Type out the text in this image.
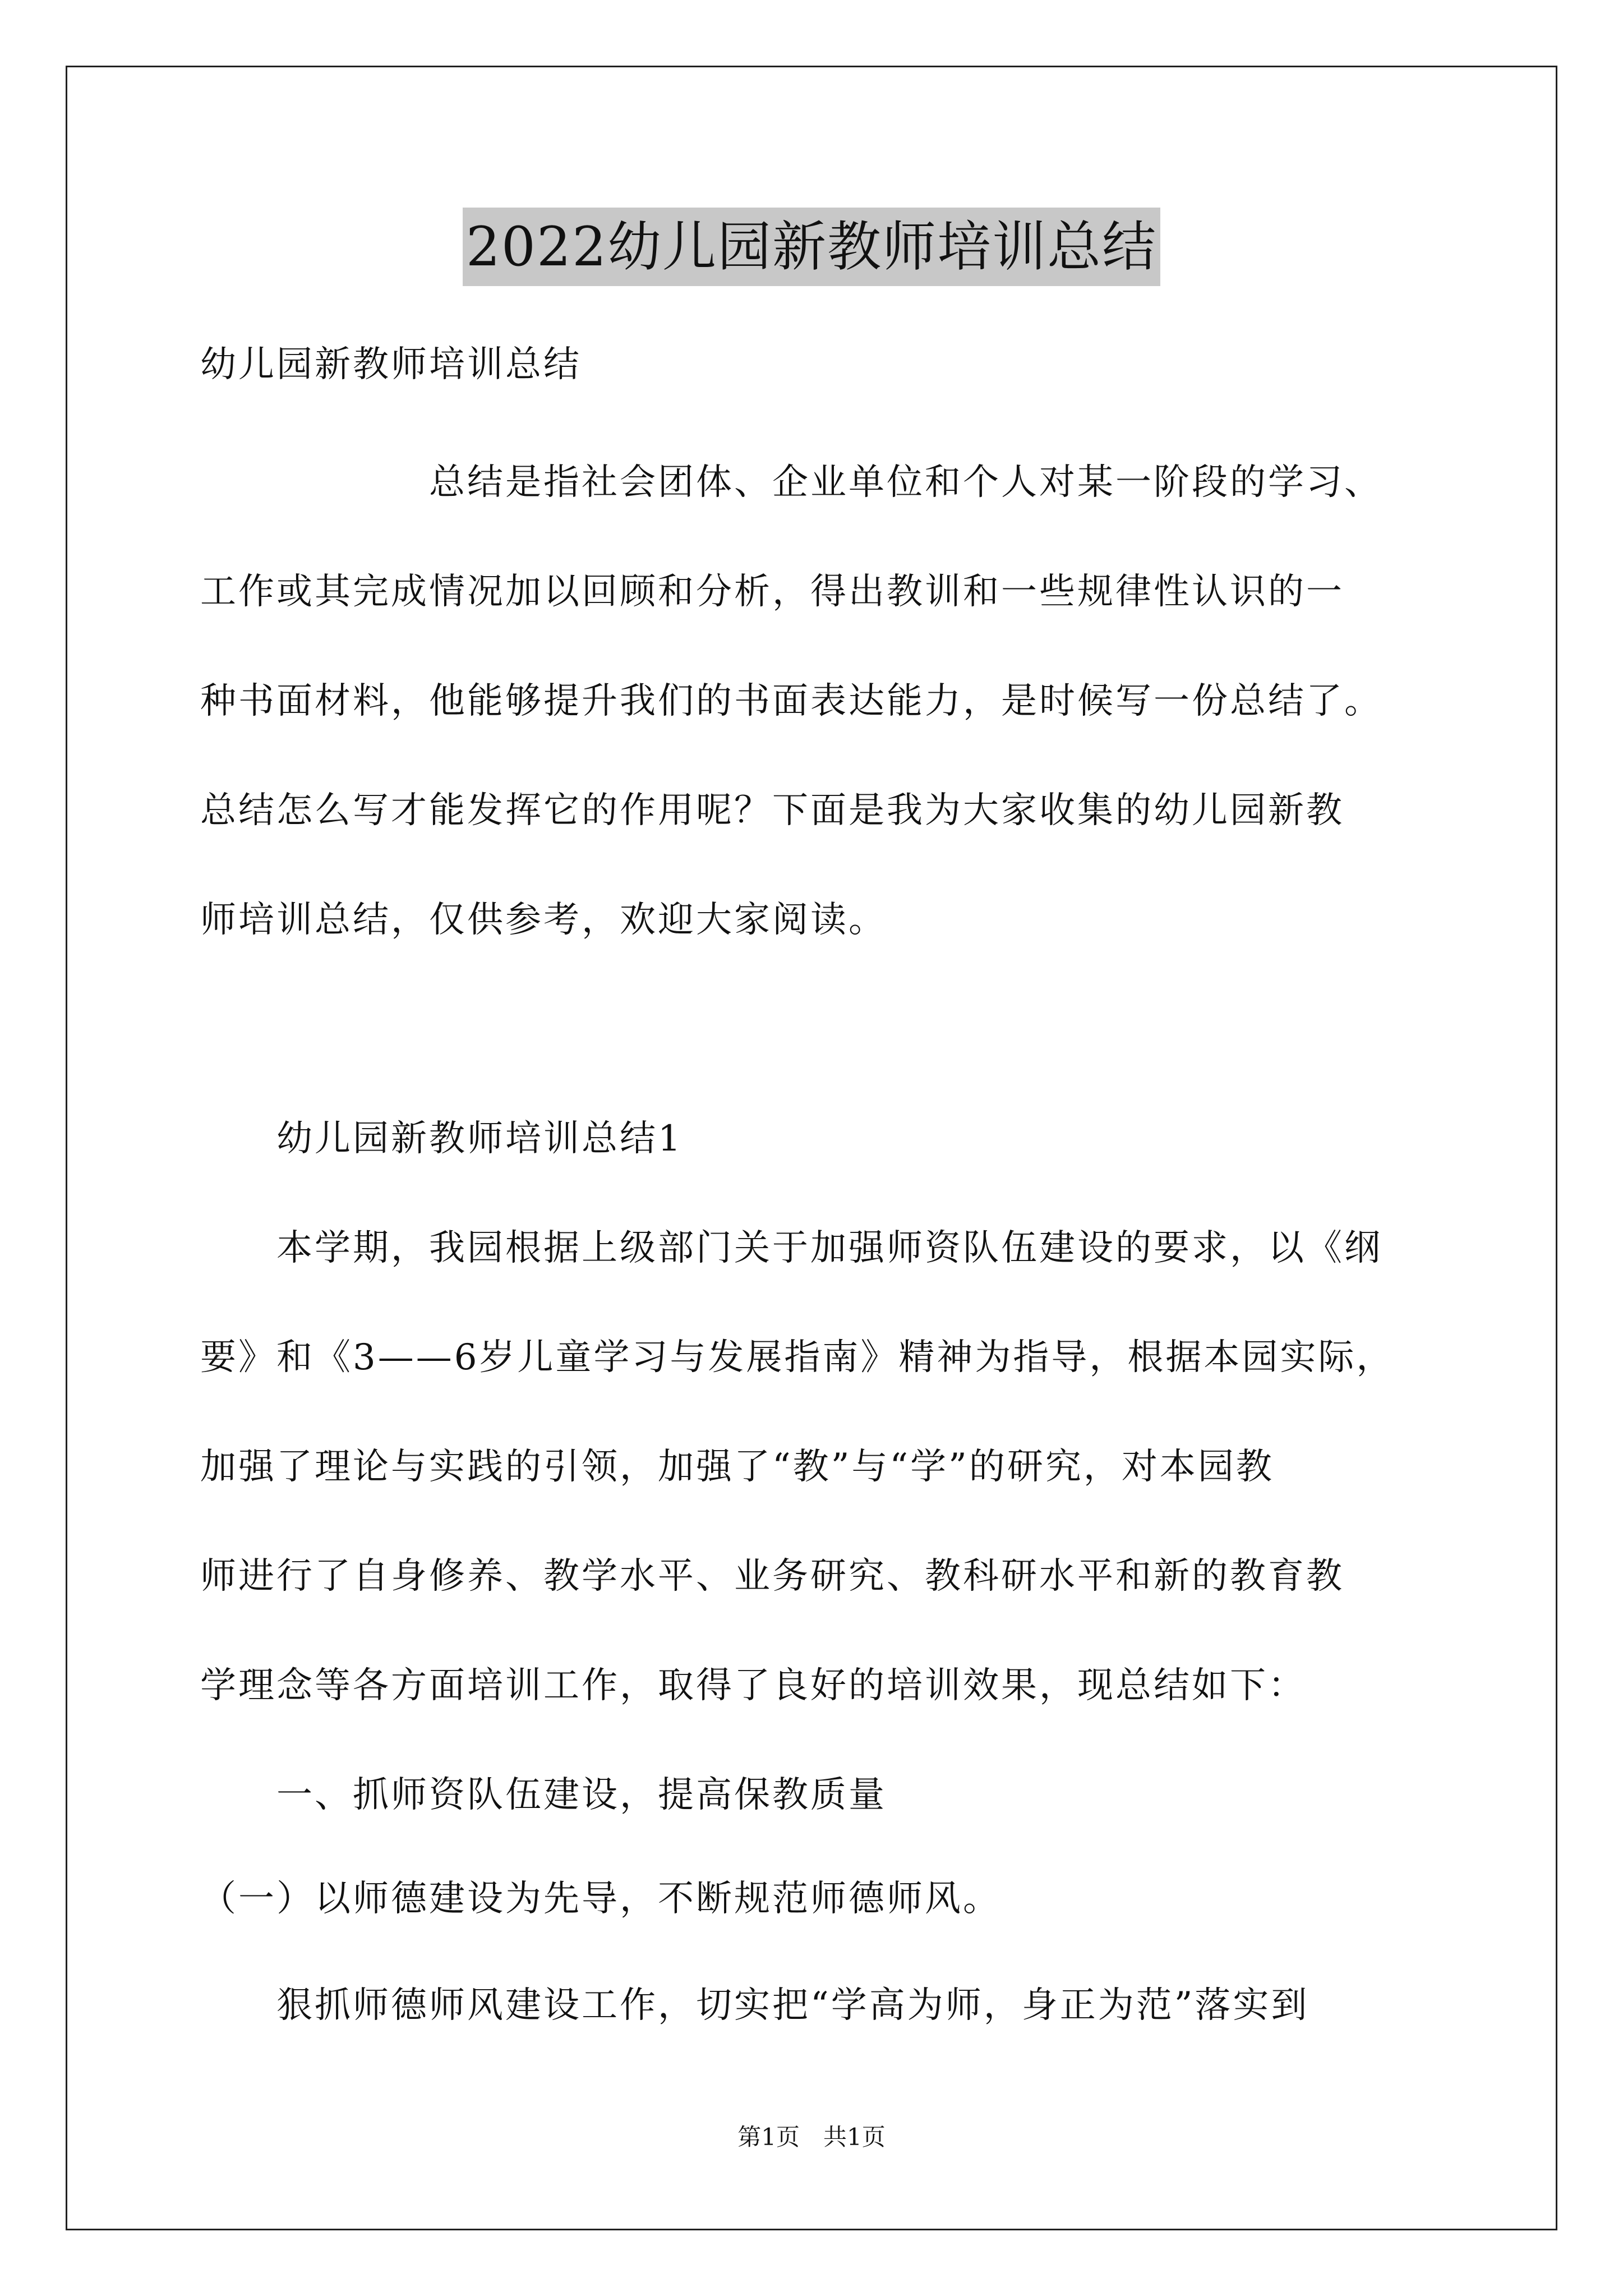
2022幼儿园新教师培训总结
幼儿园新教师培训总结
　　　　　　总结是指社会团体、企业单位和个人对某一阶段的学习、
工作或其完成情况加以回顾和分析，得出教训和一些规律性认识的一
种书面材料，他能够提升我们的书面表达能力，是时候写一份总结了。
总结怎么写才能发挥它的作用呢？下面是我为大家收集的幼儿园新教
师培训总结，仅供参考，欢迎大家阅读。
　　幼儿园新教师培训总结1
　　本学期，我园根据上级部门关于加强师资队伍建设的要求，以《纲
要》和《3——6岁儿童学习与发展指南》精神为指导，根据本园实际，
加强了理论与实践的引领，加强了“教”与“学”的研究，对本园教
师进行了自身修养、教学水平、业务研究、教科研水平和新的教育教
学理念等各方面培训工作，取得了良好的培训效果，现总结如下：
　　一、抓师资队伍建设，提高保教质量
（一）以师德建设为先导，不断规范师德师风。
　　狠抓师德师风建设工作，切实把“学高为师，身正为范”落实到
第1页　共1页
